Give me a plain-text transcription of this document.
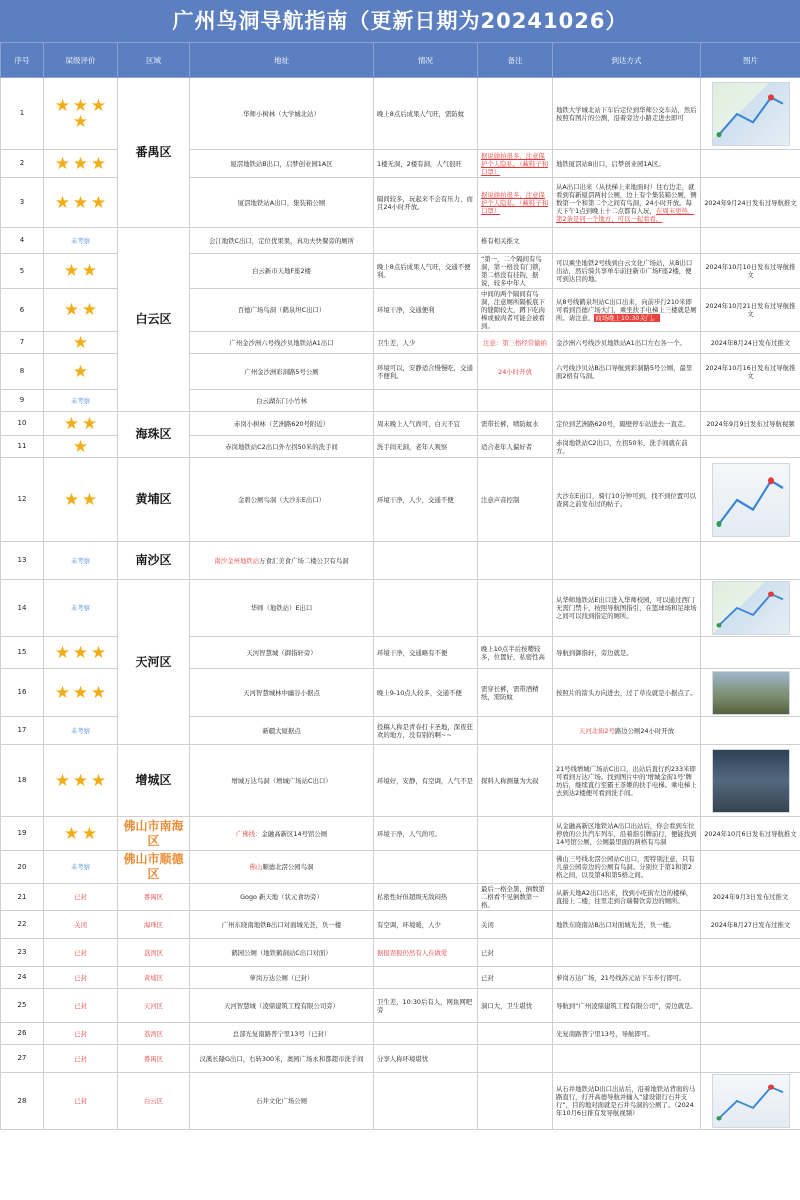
广州鸟洞导航指南（更新日期为20241026）
序号	屎级评价	区域	地址	情况	备注	到达方式	图片
1	★ ★ ★★	番禺区	华师小树林（大学城北站）	晚上8点后成果人气旺，需防蚊		地铁大学城北站下车后定位到华师公交车站，然后按照有图片的公测，沿着旁边小路走进去即可	

2	★ ★ ★		厦滘地铁站B出口，启梦创业园1A区	1楼无洞，2楼有洞，人气很旺	据说偷拍很多，注意保护个人隐私。（藏鞋子和口罩）	地铁厦滘站B出口，启梦创业园1A区。	
3	★ ★ ★		厦滘地铁站A出口，集装箱公厕	隔间较多，玩起来不会有压力，而且24小时开放。	据说偷拍很多，注意保护个人隐私。（藏鞋子和口罩）	从A出口出来（从扶梯上来地面时）往右边走，就看到有新厦滘两村公厕，边上有个集装箱公厕，侧数第一个和第二个之间有鸟洞，24小时开放。每天下午1点到晚上十二点都有人玩，在周末更热，第2条是同一个地方，可以一起看看。	2024年9月24日发布过导航推文
4	未考察	白云区	会江地铁C出口，定位优果果，真功夫快餐旁的厕所		椎有相关推文		
5	★ ★		白云新市天地F座2楼	晚上8点后成果人气旺，交通不便利。	“第一，二个隔间有鸟洞，第一格没有门锁，第二格没有挂钩，据说，较多中年人	可以乘坐地铁2号线到白云文化广场站，从B出口出站，然后骑共享单车前往新市广场F座2楼，便可到达目的地。	2024年10月10日发布过导航推文
6	★ ★		百德广场鸟洞（鹤泉坦C出口）	环境干净，交通便利	中间的两个隔间有鸟洞，注意厕所隔板底下的缝隙较大，蹲下吃肉棒或被肉者可能会被看到。	从8号线鹤泉坦站C出口出来，向前步行210米即可看到百德广场大门，乘坐扶手电梯上三楼就是厕所。请注意，商场晚上10:30关门。	2024年10月21日发布过导航推文
7	★		广州金沙洲六号线沙贝地铁站A1出口	卫生差，人少	注意：第三格经常偷拍	金沙洲六号线沙贝地铁站A1出口左右各一个。	2024年8月24日发布过推文
8	★		广州金沙洲彩洞路5号公厕	环境可以，安静适合慢慢吃，交通不便利。	24小时开放	六号线沙贝站B出口导航到彩洞路5号公厕，最里面2格有鸟洞。	2024年10月16日发布过导航推文
9	未考察		白云湖东门小竹林				
10	★ ★	海珠区	赤岗小树林（艺洲路620号附近）	周末晚上人气尚可，白天不宜	需带长裤，喷防蚊水	定位到艺洲路620号，隔壁停车站进去一直走。	2024年9月9日发布过导航视频
11	★		赤岗地铁站C2出口外左拐50米的洗手间	洗手间无洞，老年人观察	适合老年人偏好者	赤岗地铁站C2出口，左拐50米，洗手间就在前方。	
12	★ ★	黄埔区	金碧公厕鸟洞（大沙东E出口）	环境干净，人少，交通不便	注意声音控制	大沙东E出口，骑行10分钟可到，找不到位置可以查阅之前发布过的帖子。	

13	未考察	南沙区	南沙金州地铁站万食汇美食广场二楼公卫有鸟洞				
14	未考察	天河区	华师（地铁站）E出口			从华师地铁站E出口进入华师校园，可以通过西门无需门禁卡，按照导航图指引，在篮球场和足球场之间可以找到指定的厕所。	

15	★ ★ ★		天河智慧城（御指轩旁）	环境干净，交通略有不便	晚上10点半后按嘤较多，位置好，私密性高	导航到御指轩，旁边就是。	
16	★ ★ ★		天河智慧城林中幽谷小据点	晚上9-10点人较多，交通不便	需穿长裤，需带酒精纸，需防蚊	按照片的箭头方向进去，过了草皮就是小据点了。	

17	未考察		新疆大厦据点	投稿人称是青春打卡圣地，深夜狂欢的地方，没有别的啊~~		天河北街2号路边公厕24小时开放	
18	★ ★ ★	增城区	增城万达鸟洞（增城广场站C出口）	环境好，安静，有空调，人气不是	探料人称测量为大叔	21号线增城广场站C出口，出站后直行约233米即可看到万达广场。找到图片中的‘增城金街1号’牌坊后，继续直行至霸王茶姬的扶手电梯。乘电梯上去到达2楼便可看到洗手间。	

19	★ ★	佛山市南海区	广佛线：金融高新区14号馆公厕	环境干净，人气尚可。		从金融高新区地铁站A出口出站后，你会看到车位停放的公共汽车列车，沿着指引牌前行，便能找到14号馆公厕，公厕最里面的两格有鸟洞	2024年10月6日发布过导航推文
20	未考察	佛山市顺德区	佛山顺德北滘公园鸟洞			佛山三号线北滘公园站C出口，需特别注意，只有儿童公园旁边的公厕有鸟洞。分别位于第1和第2格之间，以及第4和第5格之间。	
21	已封	番禺区	Gogo 新天地（状元食坊旁）	私密性好但超级无敌闷热	最后一格全黑，倒数第二格看不见倒数第一格。	从新天地A2出口出来，找到小吃街左边的楼梯，直接上二楼，往里走到合瑞餐饮旁边的厕所。	2024年9月3日发布过推文
22	关闭	海珠区	广州东晓南地铁B出口对面城光荟，负一楼	有空调，环境暖，人少	关闭	地铁东晓南站B出口对面城光荟，负一楼。	2024年8月27日发布过推文
23	已封	荔湾区	鹤园公厕（地铁鹤洞站C出口对面）	据报误报仍然有人在做爱	已封		
24	已封	黄埔区	萝岗万达公厕（已封）		已封	萝岗万达广场，21号线苏元站下车步行即可。	
25	已封	天河区	天河智慧城（凌鼎建筑工程有限公司旁）	卫生差，10:30后有人，网鱼网吧旁	洞口大，卫生堪忧	导航到“广州凌鼎建筑工程有限公司”，旁边就是。	
26	已封	荔湾区	总部光复南路普宁里13号（已封）			光复南路普宁里13号，导航即可。	
27	已封	番禺区	汉溪长隆G出口，右转300米，奥园广场永和都超市洗手间	分享人称环境堪忧			
28	已封	白云区	石井文化广场公厕			从石井地铁站D出口出站后，沿着地铁站背面的马路直行，打开高德导航并输入“建设银行石井支行”，目的地对面就是石井鸟洞的公厕了。（2024年10月6日推有发导航视频）	
